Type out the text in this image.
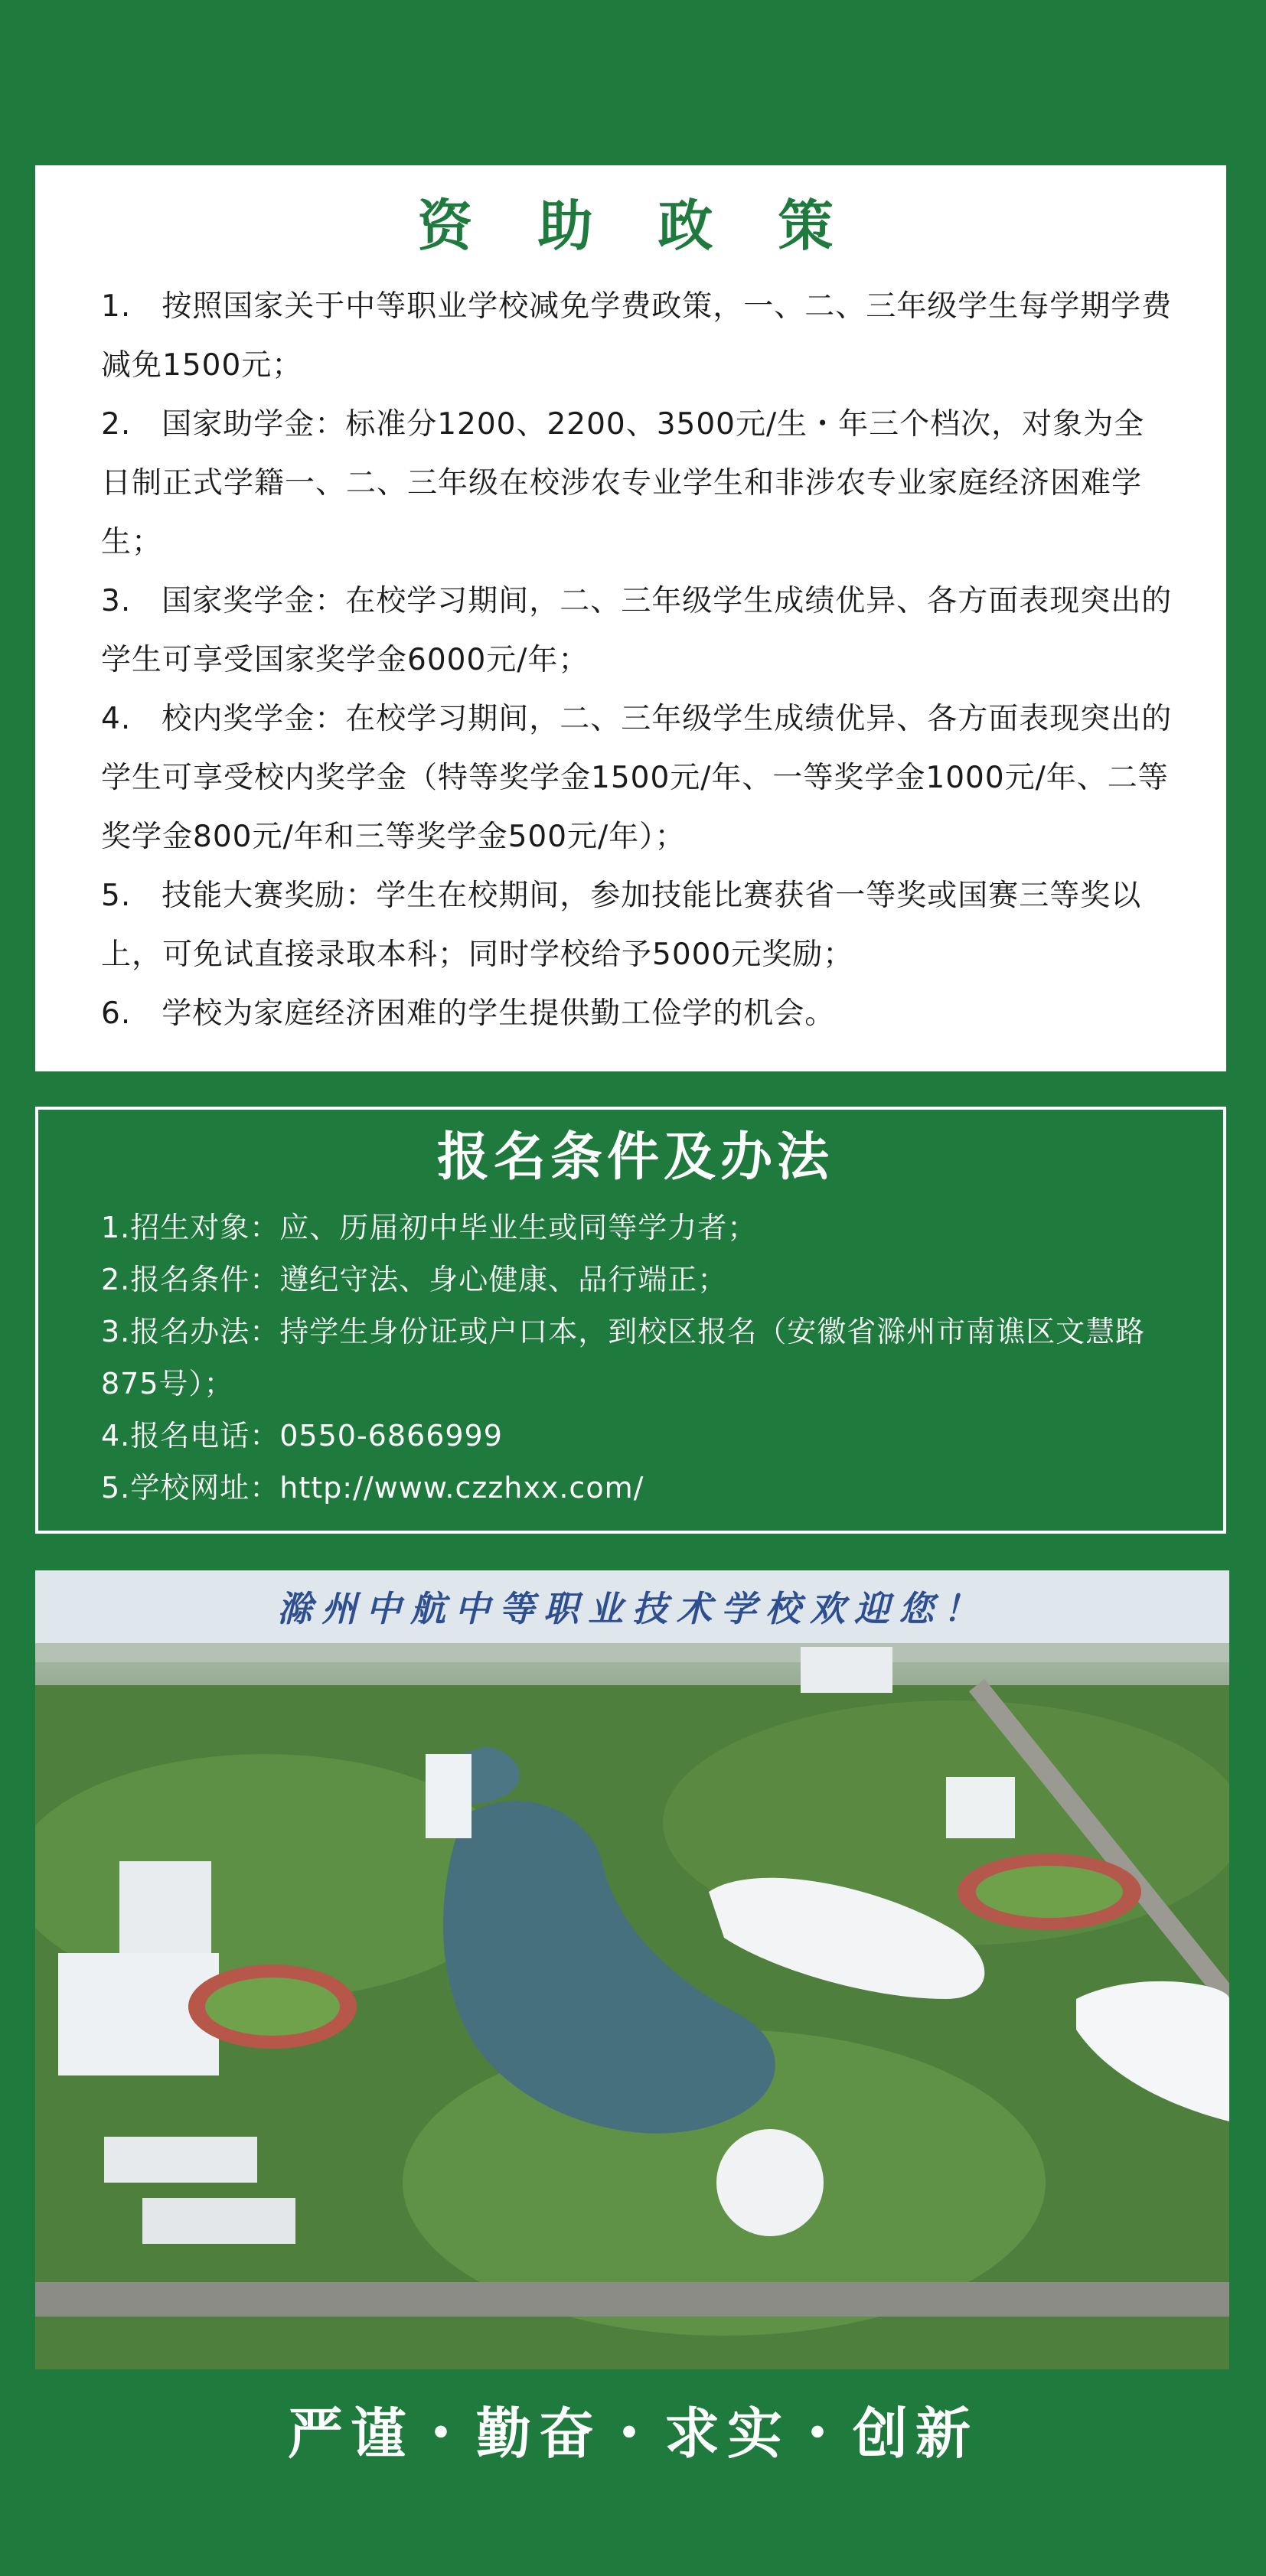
资 助 政 策
1.　按照国家关于中等职业学校减免学费政策，一、二、三年级学生每学期学费减免1500元；
2.　国家助学金：标准分1200、2200、3500元/生・年三个档次，对象为全日制正式学籍一、二、三年级在校涉农专业学生和非涉农专业家庭经济困难学生；
3.　国家奖学金：在校学习期间，二、三年级学生成绩优异、各方面表现突出的学生可享受国家奖学金6000元/年；
4.　校内奖学金：在校学习期间，二、三年级学生成绩优异、各方面表现突出的学生可享受校内奖学金（特等奖学金1500元/年、一等奖学金1000元/年、二等奖学金800元/年和三等奖学金500元/年）；
5.　技能大赛奖励：学生在校期间，参加技能比赛获省一等奖或国赛三等奖以上，可免试直接录取本科；同时学校给予5000元奖励；
6.　学校为家庭经济困难的学生提供勤工俭学的机会。
报名条件及办法
1.招生对象：应、历届初中毕业生或同等学力者；
2.报名条件：遵纪守法、身心健康、品行端正；
3.报名办法：持学生身份证或户口本，到校区报名（安徽省滁州市南谯区文慧路875号）；
4.报名电话：0550-6866999
5.学校网址：http://www.czzhxx.com/
滁州中航中等职业技术学校欢迎您！
严谨・勤奋・求实・创新
